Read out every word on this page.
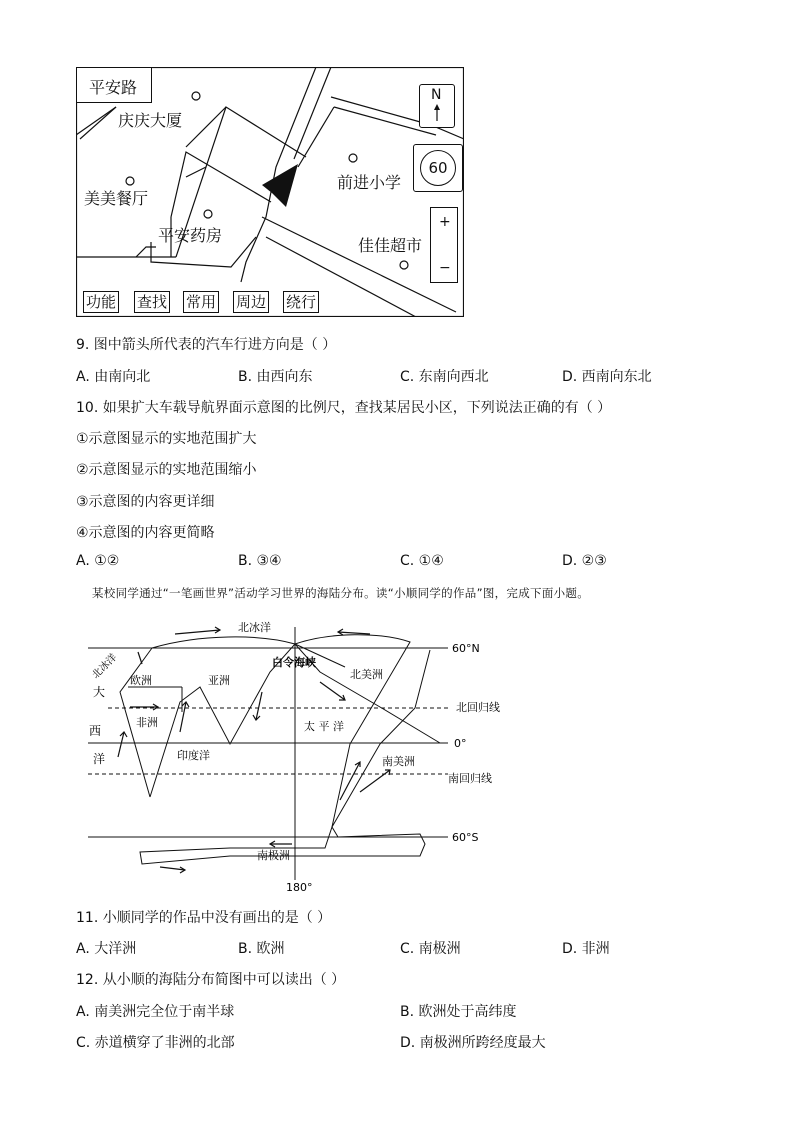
平安路
庆庆大厦
美美餐厅
平安药房
前进小学
佳佳超市
N
60
+
−
功能 查找 常用 周边 绕行
9. 图中箭头所代表的汽车行进方向是（ ）
A. 由南向北	B. 由西向东	C. 东南向西北	D. 西南向东北
10. 如果扩大车载导航界面示意图的比例尺，查找某居民小区，下列说法正确的有（ ）
①示意图显示的实地范围扩大
②示意图显示的实地范围缩小
③示意图的内容更详细
④示意图的内容更简略
A. ①②	B. ③④	C. ①④	D. ②③
某校同学通过“一笔画世界”活动学习世界的海陆分布。读“小顺同学的作品”图，完成下面小题。
北冰洋
白令海峡
北美洲
亚洲
欧洲
非洲	太 平 洋
印度洋	南美洲
南极洲
大
西
洋
北冰洋
60°N
北回归线
0°
南回归线
60°S
180°
11. 小顺同学的作品中没有画出的是（ ）
A. 大洋洲	B. 欧洲	C. 南极洲	D. 非洲
12. 从小顺的海陆分布简图中可以读出（ ）
A. 南美洲完全位于南半球	B. 欧洲处于高纬度
C. 赤道横穿了非洲的北部	D. 南极洲所跨经度最大
